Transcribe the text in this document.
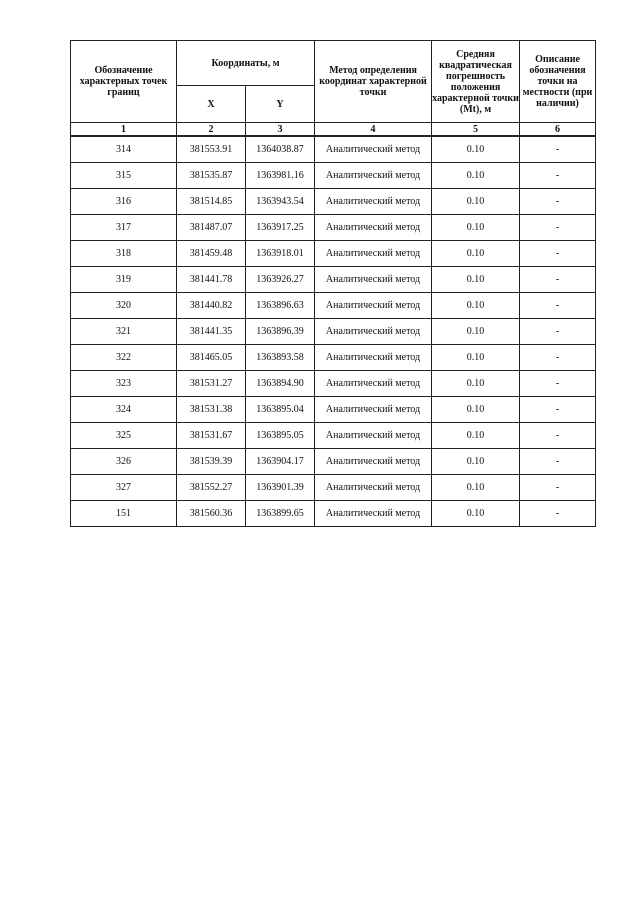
Обозначение характерных точек границ	Координаты, м		Метод определения координат характерной точки	Средняя квадратическая погрешность положения характерной точки (Mt), м	Описание обозначения точки на местности (при наличии)
	X	Y			
1	2	3	4	5	6
314	381553.91	1364038.87	Аналитический метод	0.10	-
315	381535.87	1363981.16	Аналитический метод	0.10	-
316	381514.85	1363943.54	Аналитический метод	0.10	-
317	381487.07	1363917.25	Аналитический метод	0.10	-
318	381459.48	1363918.01	Аналитический метод	0.10	-
319	381441.78	1363926.27	Аналитический метод	0.10	-
320	381440.82	1363896.63	Аналитический метод	0.10	-
321	381441.35	1363896.39	Аналитический метод	0.10	-
322	381465.05	1363893.58	Аналитический метод	0.10	-
323	381531.27	1363894.90	Аналитический метод	0.10	-
324	381531.38	1363895.04	Аналитический метод	0.10	-
325	381531.67	1363895.05	Аналитический метод	0.10	-
326	381539.39	1363904.17	Аналитический метод	0.10	-
327	381552.27	1363901.39	Аналитический метод	0.10	-
151	381560.36	1363899.65	Аналитический метод	0.10	-
